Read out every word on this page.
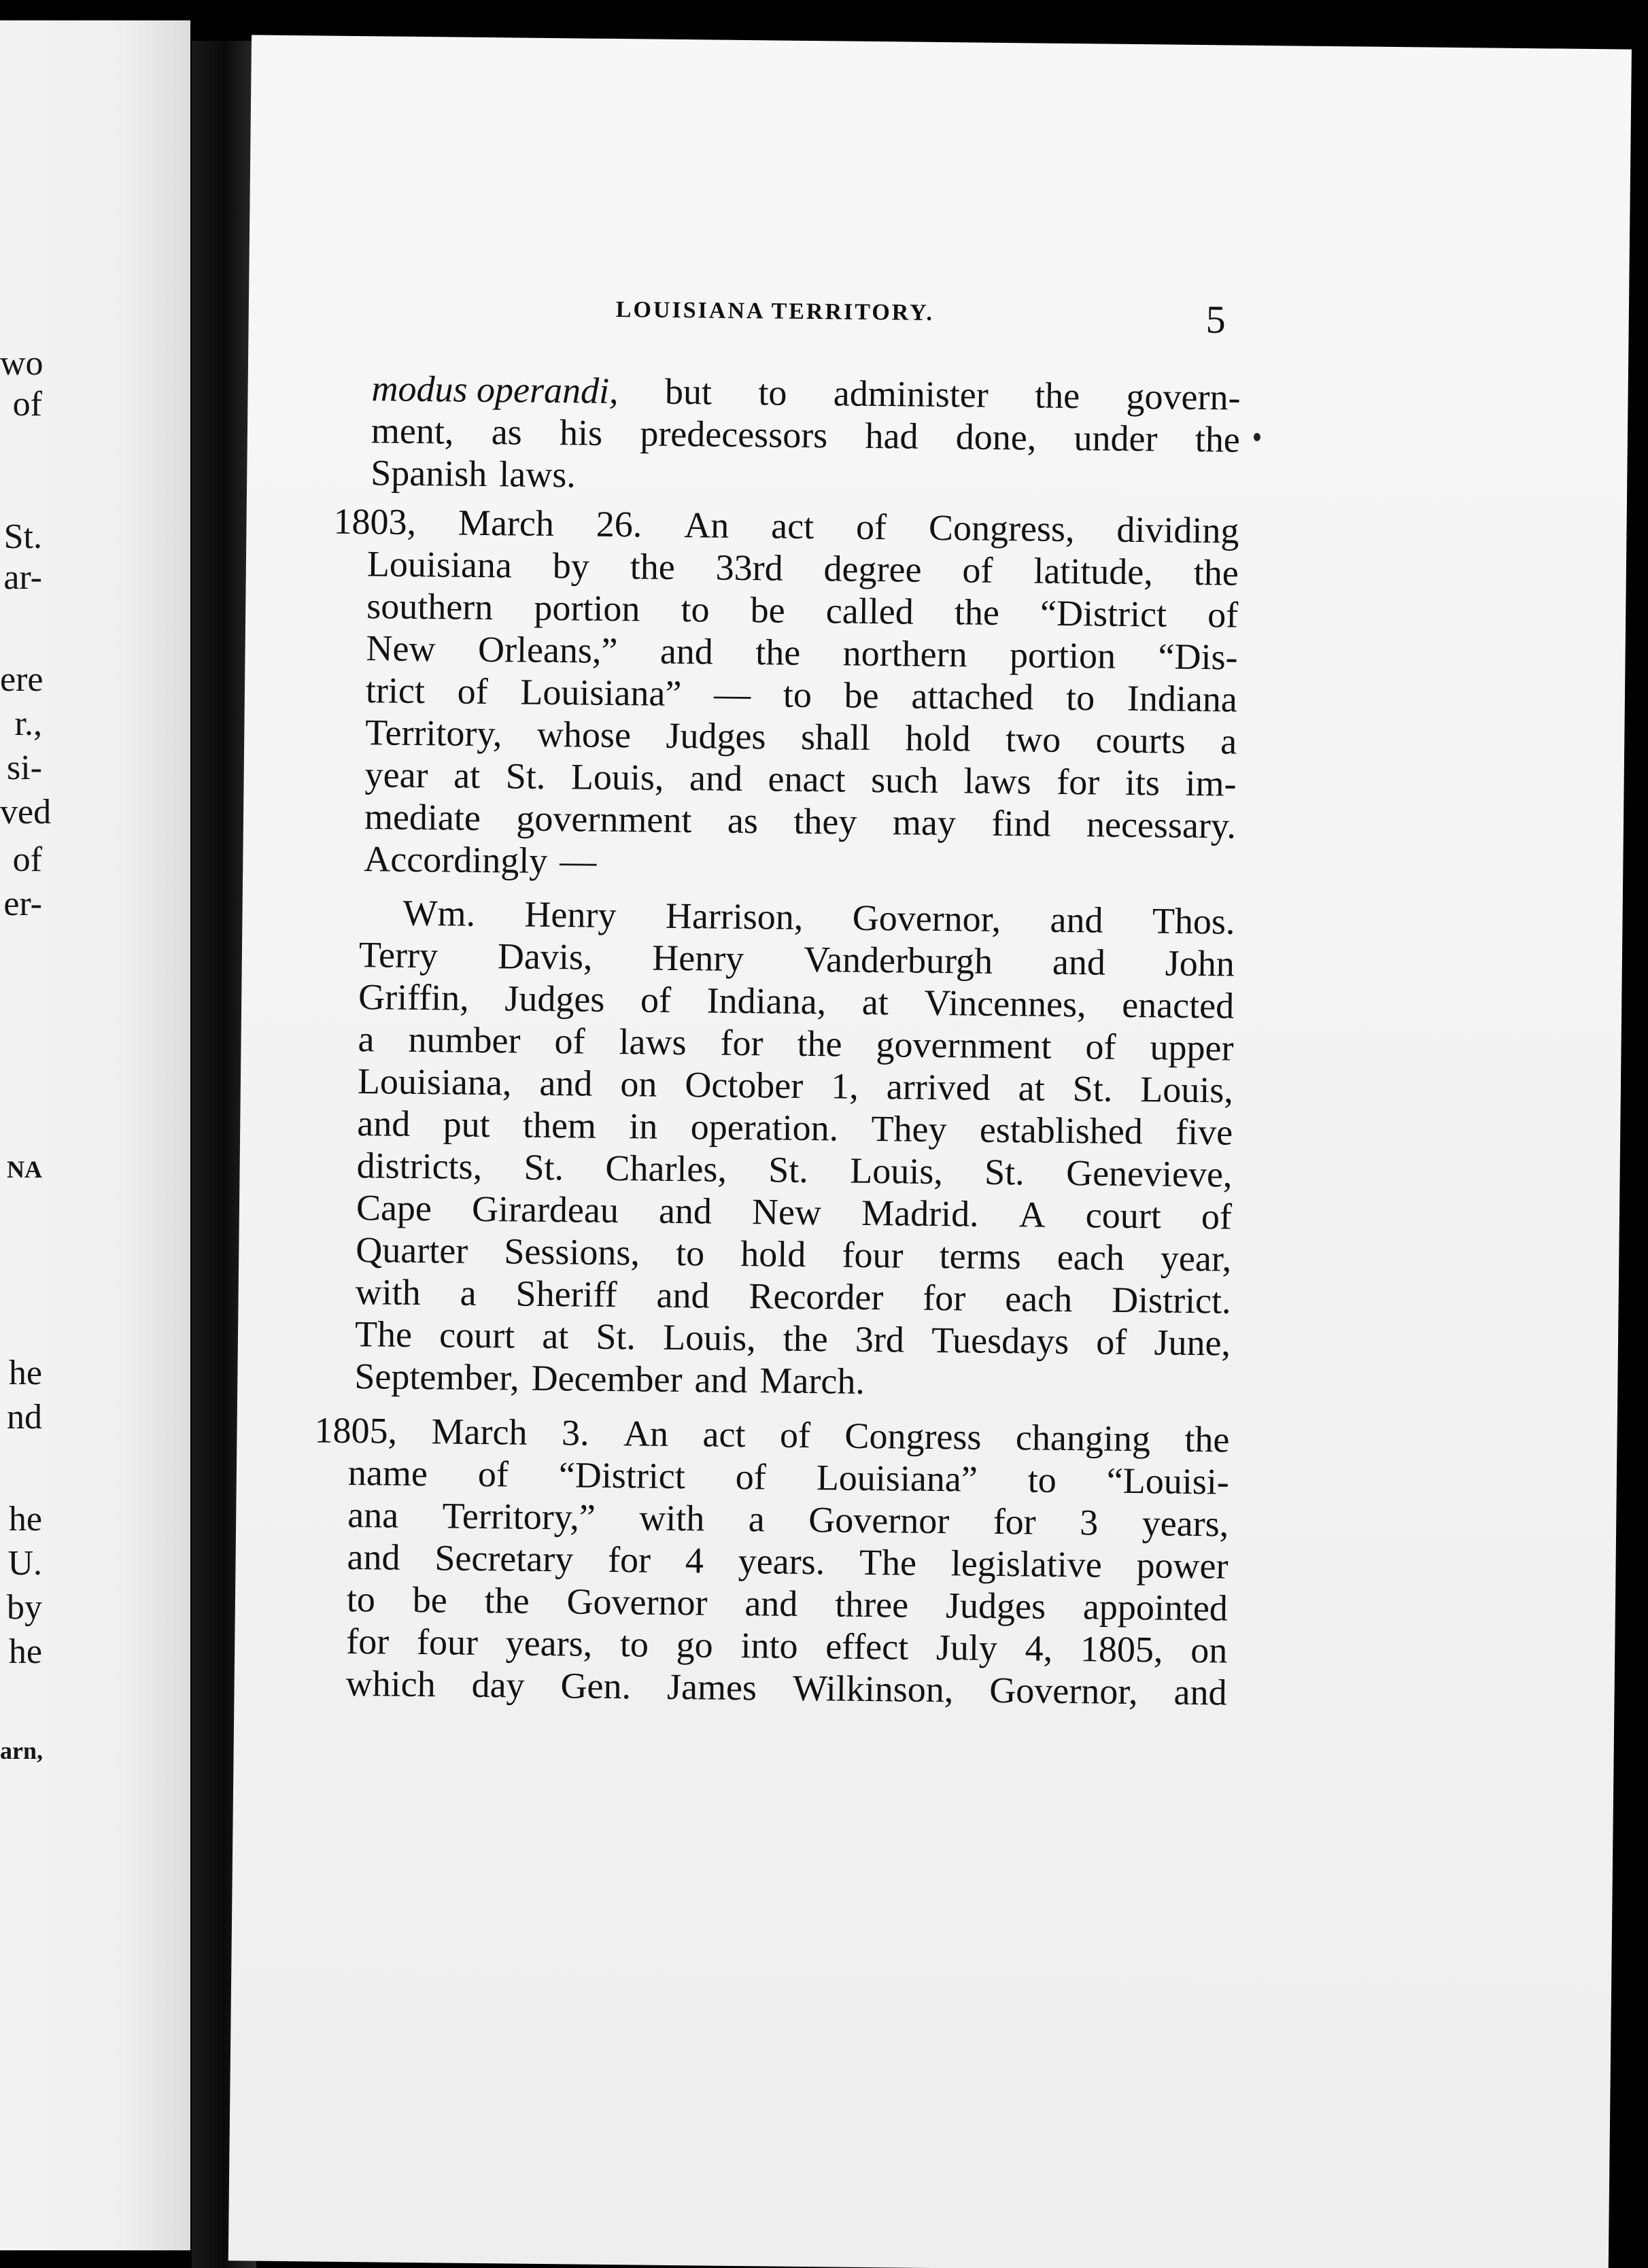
wo
of
St.
ar-
ere
r.,
si-
ved
of
er-
NA
he
nd
he
U.
by
he
arn,
LOUISIANA TERRITORY.	5
modus operandi, but to administer the govern-
ment, as his predecessors had done, under the
Spanish laws.
1803, March 26. An act of Congress, dividing
Louisiana by the 33rd degree of latitude, the
southern portion to be called the “District of
New Orleans,” and the northern portion “Dis-
trict of Louisiana” — to be attached to Indiana
Territory, whose Judges shall hold two courts a
year at St. Louis, and enact such laws for its im-
mediate government as they may find necessary.
Accordingly —
Wm. Henry Harrison, Governor, and Thos.
Terry Davis, Henry Vanderburgh and John
Griffin, Judges of Indiana, at Vincennes, enacted
a number of laws for the government of upper
Louisiana, and on October 1, arrived at St. Louis,
and put them in operation. They established five
districts, St. Charles, St. Louis, St. Genevieve,
Cape Girardeau and New Madrid. A court of
Quarter Sessions, to hold four terms each year,
with a Sheriff and Recorder for each District.
The court at St. Louis, the 3rd Tuesdays of June,
September, December and March.
1805, March 3. An act of Congress changing the
name of “District of Louisiana” to “Louisi-
ana Territory,” with a Governor for 3 years,
and Secretary for 4 years. The legislative power
to be the Governor and three Judges appointed
for four years, to go into effect July 4, 1805, on
which day Gen. James Wilkinson, Governor, and
